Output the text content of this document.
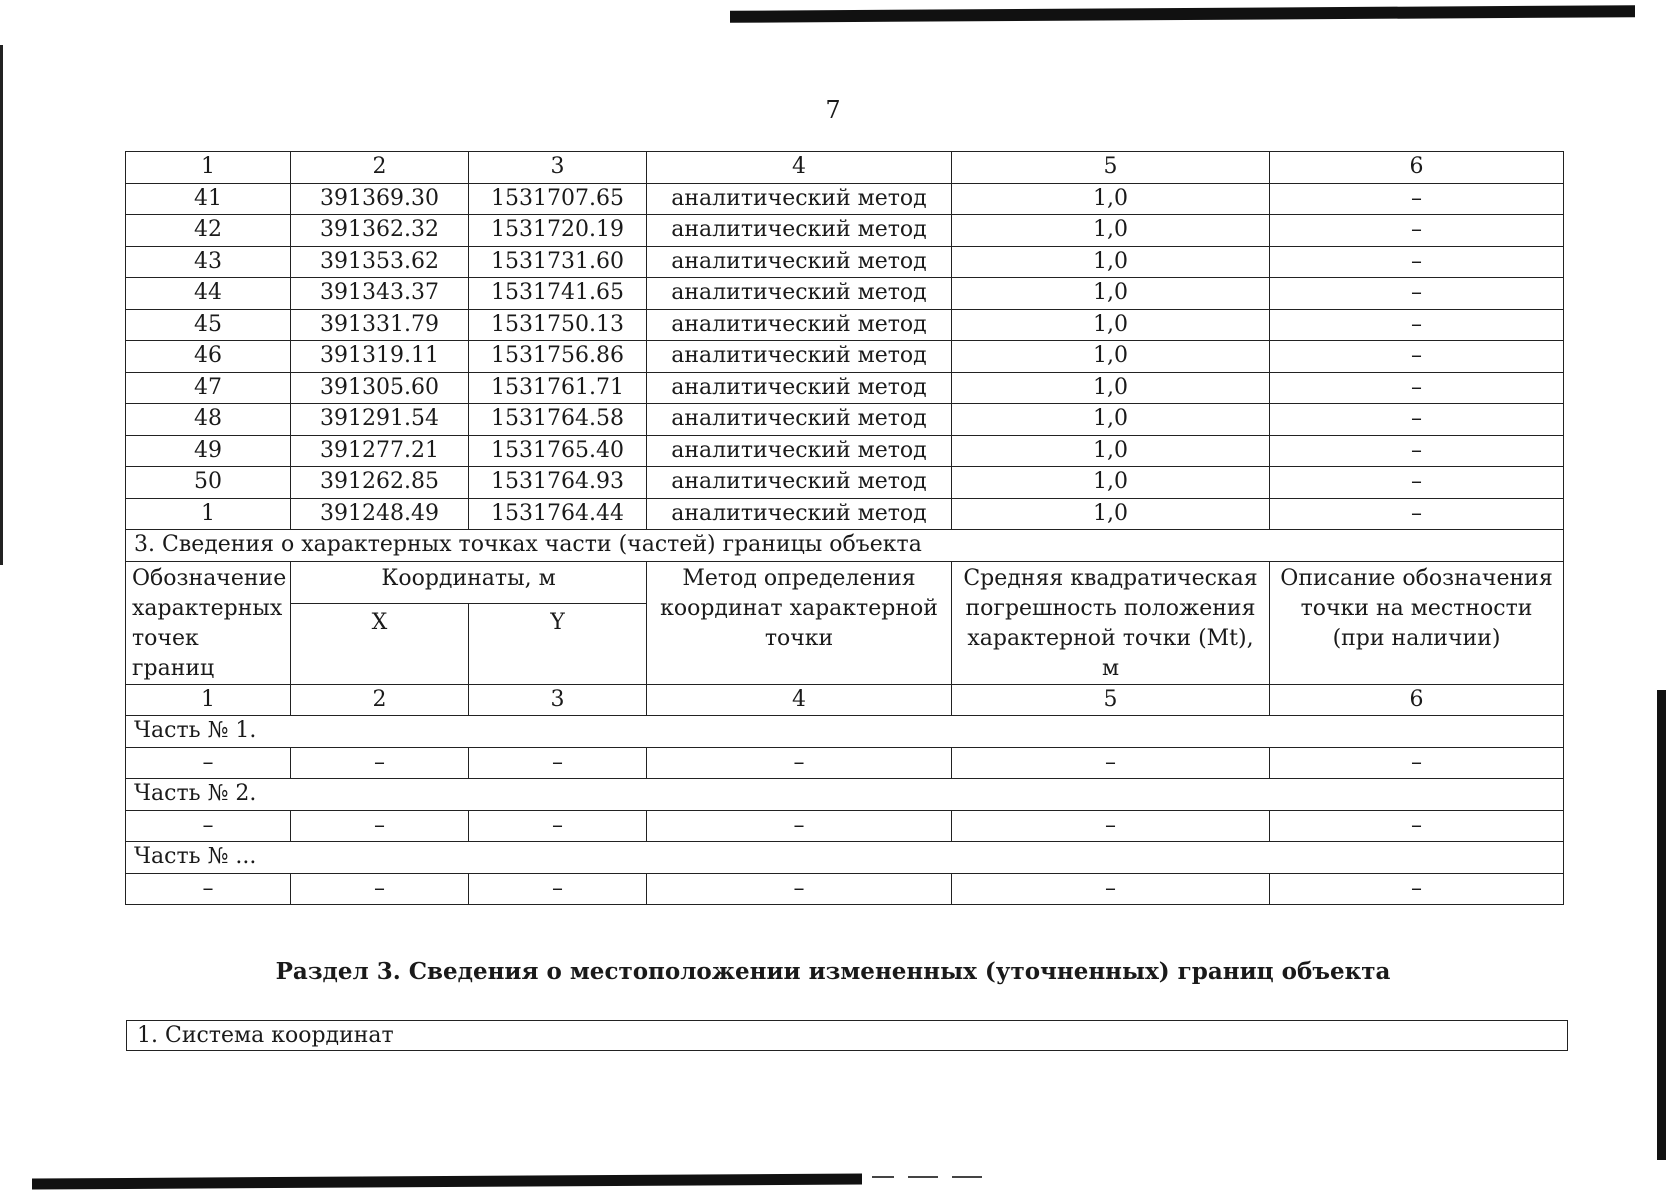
7
1	2	3	4	5	6
41	391369.30	1531707.65	аналитический метод	1,0	–
42	391362.32	1531720.19	аналитический метод	1,0	–
43	391353.62	1531731.60	аналитический метод	1,0	–
44	391343.37	1531741.65	аналитический метод	1,0	–
45	391331.79	1531750.13	аналитический метод	1,0	–
46	391319.11	1531756.86	аналитический метод	1,0	–
47	391305.60	1531761.71	аналитический метод	1,0	–
48	391291.54	1531764.58	аналитический метод	1,0	–
49	391277.21	1531765.40	аналитический метод	1,0	–
50	391262.85	1531764.93	аналитический метод	1,0	–
1	391248.49	1531764.44	аналитический метод	1,0	–
3. Сведения о характерных точках части (частей) границы объекта					
Обозначение характерных точек границ	Координаты, м		Метод определения координат характерной точки	Средняя квадратическая погрешность положения характерной точки (Mt), м	Описание обозначения точки на местности (при наличии)
	X	Y			
1	2	3	4	5	6
Часть № 1.					
–	–	–	–	–	–
Часть № 2.					
–	–	–	–	–	–
Часть № ...					
–	–	–	–	–	–
Раздел 3. Сведения о местоположении измененных (уточненных) границ объекта
1. Система координат
